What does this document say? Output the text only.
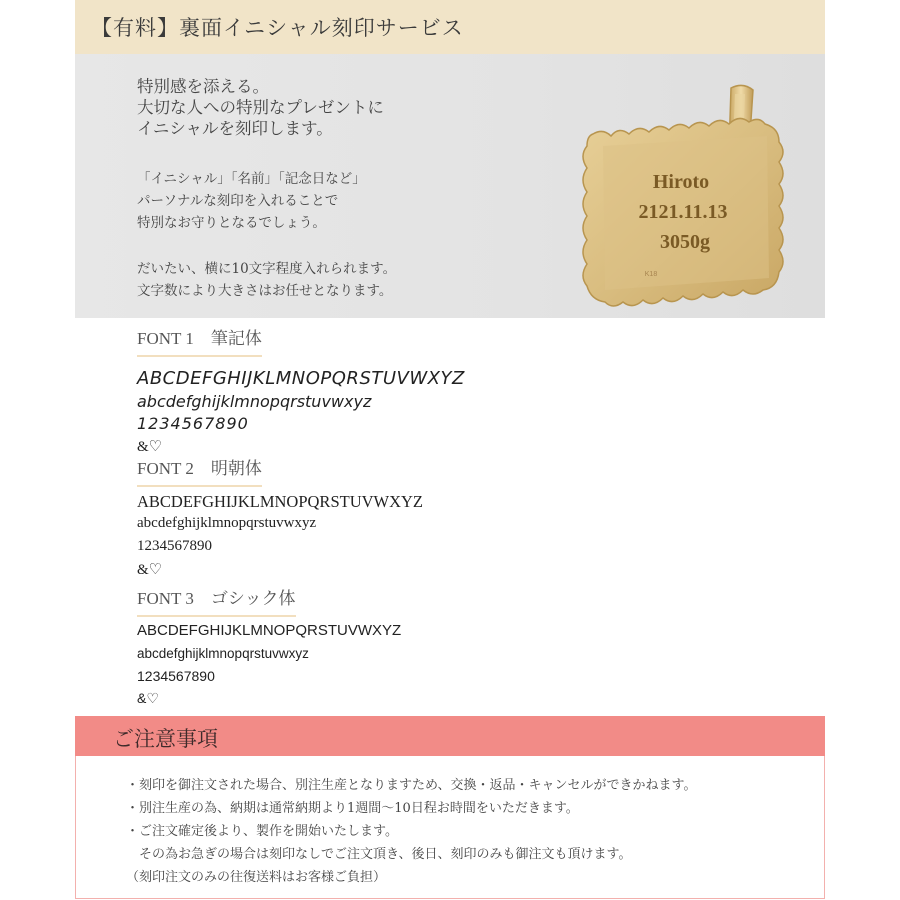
【有料】裏面イニシャル刻印サービス
特別感を添える。
大切な人への特別なプレゼントに
イニシャルを刻印します。
「イニシャル」「名前」「記念日など」
パーソナルな刻印を入れることで
特別なお守りとなるでしょう。
だいたい、横に10文字程度入れられます。
文字数により大きさはお任せとなります。
Hiroto
2121.11.13
3050g
K18
FONT 1　筆記体
ABCDEFGHIJKLMNOPQRSTUVWXYZ
abcdefghijklmnopqrstuvwxyz
1234567890
&♡
FONT 2　明朝体
ABCDEFGHIJKLMNOPQRSTUVWXYZ
abcdefghijklmnopqrstuvwxyz
1234567890
&♡
FONT 3　ゴシック体
ABCDEFGHIJKLMNOPQRSTUVWXYZ
abcdefghijklmnopqrstuvwxyz
1234567890
&♡
ご注意事項
・刻印を御注文された場合、別注生産となりますため、交換・返品・キャンセルができかねます。
・別注生産の為、納期は通常納期より1週間〜10日程お時間をいただきます。
・ご注文確定後より、製作を開始いたします。
　その為お急ぎの場合は刻印なしでご注文頂き、後日、刻印のみも御注文も頂けます。
（刻印注文のみの往復送料はお客様ご負担）
